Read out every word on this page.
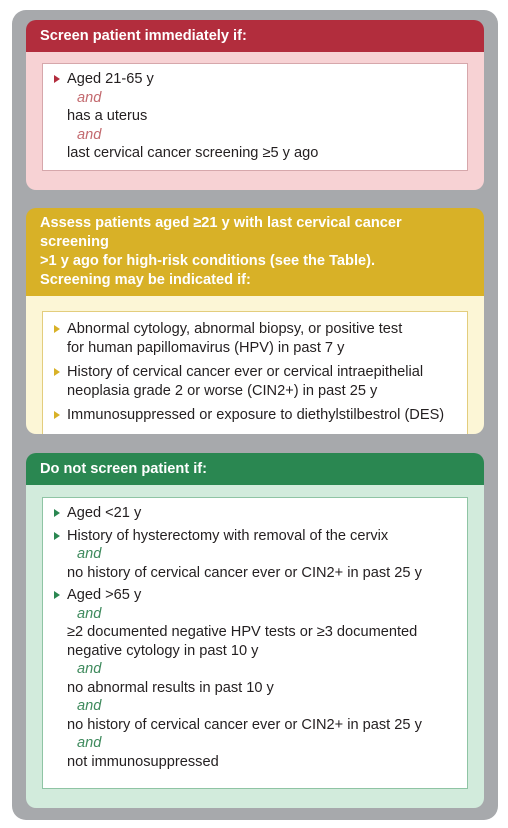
Screen patient immediately if:
Aged 21-65 y
and
has a uterus
and
last cervical cancer screening ≥5 y ago
Assess patients aged ≥21 y with last cervical cancer screening
>1 y ago for high-risk conditions (see the Table).
Screening may be indicated if:
Abnormal cytology, abnormal biopsy, or positive test
for human papillomavirus (HPV) in past 7 y
History of cervical cancer ever or cervical intraepithelial
neoplasia grade 2 or worse (CIN2+) in past 25 y
Immunosuppressed or exposure to diethylstilbestrol (DES)
Do not screen patient if:
Aged <21 y
History of hysterectomy with removal of the cervix
and
no history of cervical cancer ever or CIN2+ in past 25 y
Aged >65 y
and
≥2 documented negative HPV tests or ≥3 documented
negative cytology in past 10 y
and
no abnormal results in past 10 y
and
no history of cervical cancer ever or CIN2+ in past 25 y
and
not immunosuppressed
